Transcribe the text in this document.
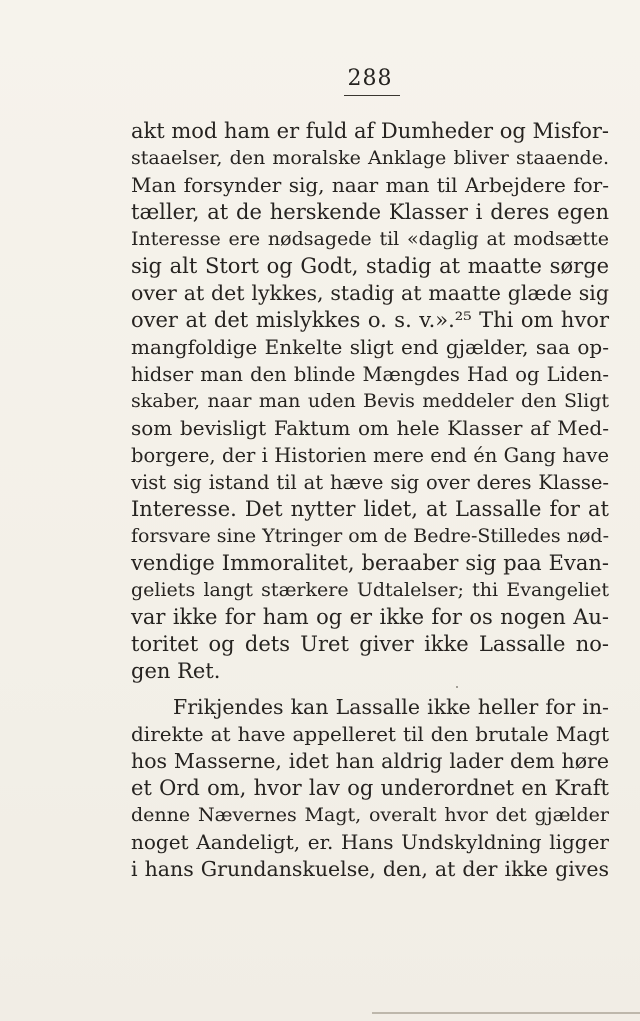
288
akt mod ham er fuld af Dumheder og Misfor-
staaelser, den moralske Anklage bliver staaende.
Man forsynder sig, naar man til Arbejdere for-
tæller, at de herskende Klasser i deres egen
Interesse ere nødsagede til «daglig at modsætte
sig alt Stort og Godt, stadig at maatte sørge
over at det lykkes, stadig at maatte glæde sig
over at det mislykkes o. s. v.».²⁵ Thi om hvor
mangfoldige Enkelte sligt end gjælder, saa op-
hidser man den blinde Mængdes Had og Liden-
skaber, naar man uden Bevis meddeler den Sligt
som bevisligt Faktum om hele Klasser af Med-
borgere, der i Historien mere end én Gang have
vist sig istand til at hæve sig over deres Klasse-
Interesse. Det nytter lidet, at Lassalle for at
forsvare sine Ytringer om de Bedre-Stilledes nød-
vendige Immoralitet, beraaber sig paa Evan-
geliets langt stærkere Udtalelser; thi Evangeliet
var ikke for ham og er ikke for os nogen Au-
toritet og dets Uret giver ikke Lassalle no-
gen Ret.
Frikjendes kan Lassalle ikke heller for in-
direkte at have appelleret til den brutale Magt
hos Masserne, idet han aldrig lader dem høre
et Ord om, hvor lav og underordnet en Kraft
denne Nævernes Magt, overalt hvor det gjælder
noget Aandeligt, er. Hans Undskyldning ligger
i hans Grundanskuelse, den, at der ikke gives
